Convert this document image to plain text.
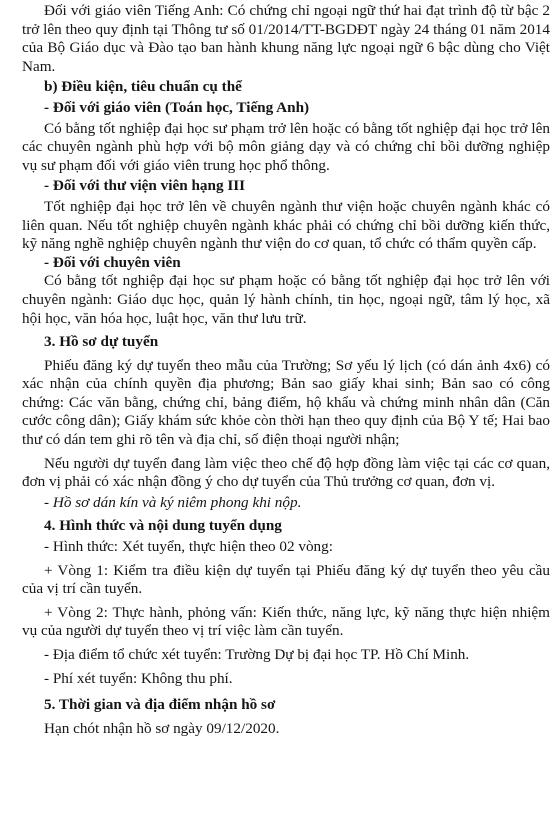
Đối với giáo viên Tiếng Anh: Có chứng chỉ ngoại ngữ thứ hai đạt trình độ từ bậc 2 trở lên theo quy định tại Thông tư số 01/2014/TT-BGDĐT ngày 24 tháng 01 năm 2014 của Bộ Giáo dục và Đào tạo ban hành khung năng lực ngoại ngữ 6 bậc dùng cho Việt Nam.

b) Điều kiện, tiêu chuẩn cụ thể

- Đối với giáo viên (Toán học, Tiếng Anh)

Có bằng tốt nghiệp đại học sư phạm trở lên hoặc có bằng tốt nghiệp đại học trở lên các chuyên ngành phù hợp với bộ môn giảng dạy và có chứng chỉ bồi dưỡng nghiệp vụ sư phạm đối với giáo viên trung học phổ thông.

- Đối với thư viện viên hạng III

Tốt nghiệp đại học trở lên về chuyên ngành thư viện hoặc chuyên ngành khác có liên quan. Nếu tốt nghiệp chuyên ngành khác phải có chứng chỉ bồi dưỡng kiến thức, kỹ năng nghề nghiệp chuyên ngành thư viện do cơ quan, tổ chức có thẩm quyền cấp.

- Đối với chuyên viên

Có bằng tốt nghiệp đại học sư phạm hoặc có bằng tốt nghiệp đại học trở lên với chuyên ngành: Giáo dục học, quản lý hành chính, tin học, ngoại ngữ, tâm lý học, xã hội học, văn hóa học, luật học, văn thư lưu trữ.

3. Hồ sơ dự tuyển

Phiếu đăng ký dự tuyển theo mẫu của Trường; Sơ yếu lý lịch (có dán ảnh 4x6) có xác nhận của chính quyền địa phương; Bản sao giấy khai sinh; Bản sao có công chứng: Các văn bằng, chứng chỉ, bảng điểm, hộ khẩu và chứng minh nhân dân (Căn cước công dân); Giấy khám sức khỏe còn thời hạn theo quy định của Bộ Y tế; Hai bao thư có dán tem ghi rõ tên và địa chỉ, số điện thoại người nhận;

Nếu người dự tuyển đang làm việc theo chế độ hợp đồng làm việc tại các cơ quan, đơn vị phải có xác nhận đồng ý cho dự tuyển của Thủ trưởng cơ quan, đơn vị.

- Hồ sơ dán kín và ký niêm phong khi nộp.

4. Hình thức và nội dung tuyển dụng

- Hình thức: Xét tuyển, thực hiện theo 02 vòng:

+ Vòng 1: Kiểm tra điều kiện dự tuyển tại Phiếu đăng ký dự tuyển theo yêu cầu của vị trí cần tuyển.

+ Vòng 2: Thực hành, phỏng vấn: Kiến thức, năng lực, kỹ năng thực hiện nhiệm vụ của người dự tuyển theo vị trí việc làm cần tuyển.

- Địa điểm tổ chức xét tuyển: Trường Dự bị đại học TP. Hồ Chí Minh.

- Phí xét tuyển: Không thu phí.

5. Thời gian và địa điểm nhận hồ sơ

Hạn chót nhận hồ sơ ngày 09/12/2020.
